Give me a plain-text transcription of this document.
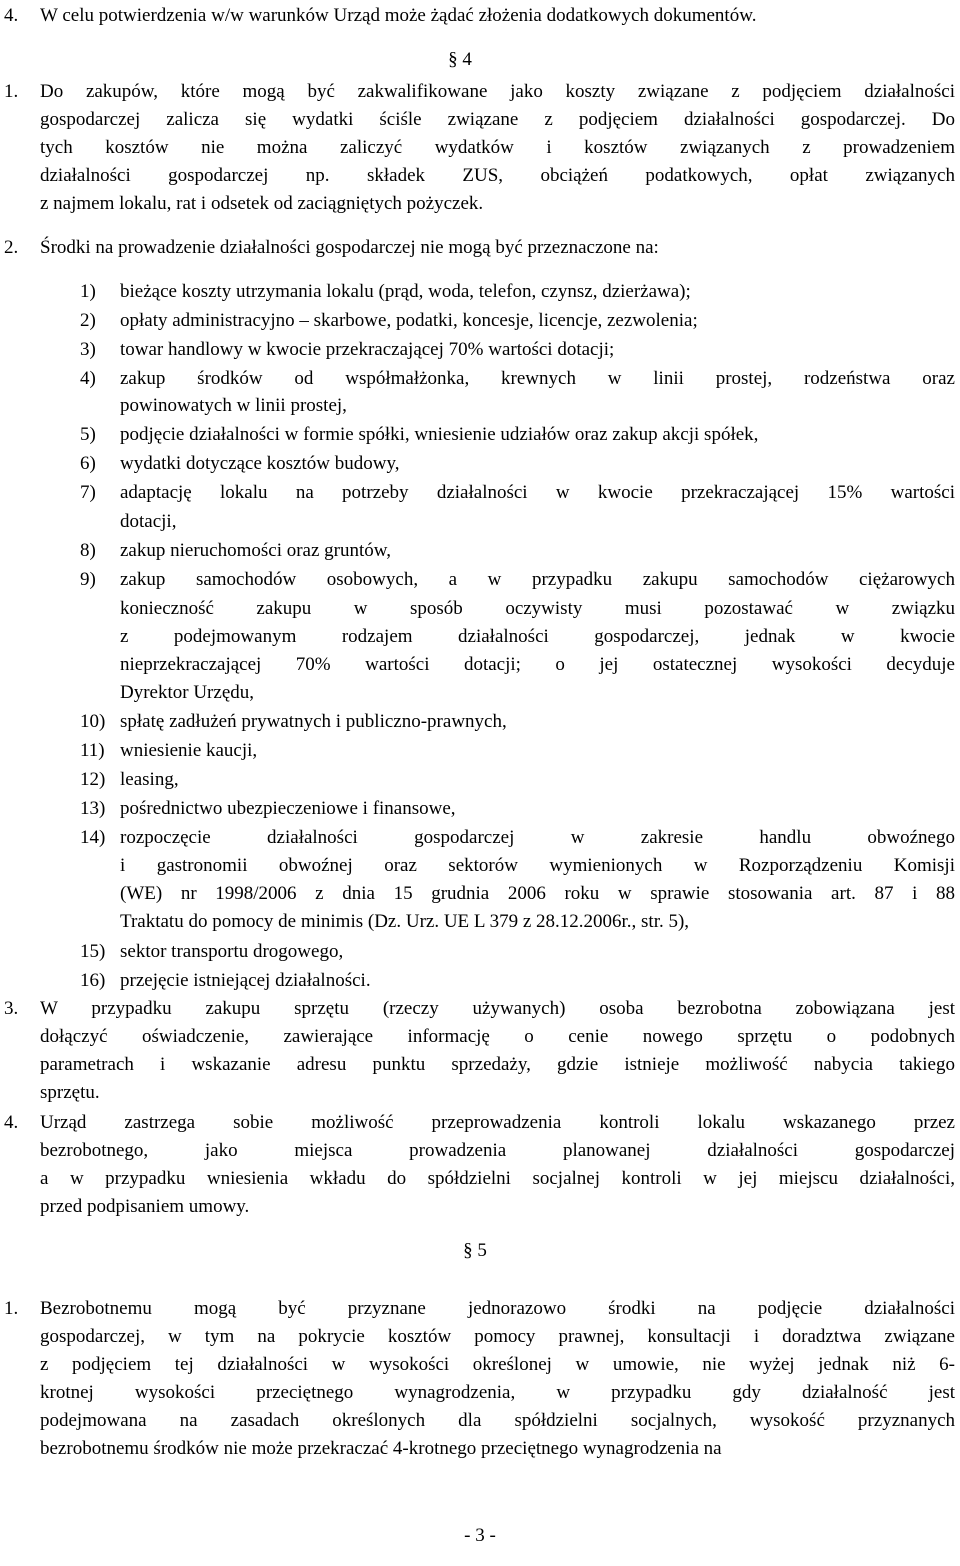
4. W celu potwierdzenia w/w warunków Urząd może żądać złożenia dodatkowych dokumentów.
§ 4
1. Do zakupów, które mogą być zakwalifikowane jako koszty związane z podjęciem działalności
gospodarczej zalicza się wydatki ściśle związane z podjęciem działalności gospodarczej. Do
tych kosztów nie można zaliczyć wydatków i kosztów związanych z prowadzeniem
działalności gospodarczej np. składek ZUS, obciążeń podatkowych, opłat związanych
z najmem lokalu, rat i odsetek od zaciągniętych pożyczek.
2. Środki na prowadzenie działalności gospodarczej nie mogą być przeznaczone na:
1) bieżące koszty utrzymania lokalu (prąd, woda, telefon, czynsz, dzierżawa);
2) opłaty administracyjno – skarbowe, podatki, koncesje, licencje, zezwolenia;
3) towar handlowy w kwocie przekraczającej 70% wartości dotacji;
4) zakup środków od współmałżonka, krewnych w linii prostej, rodzeństwa oraz
powinowatych w linii prostej,
5) podjęcie działalności w formie spółki, wniesienie udziałów oraz zakup akcji spółek,
6) wydatki dotyczące kosztów budowy,
7) adaptację lokalu na potrzeby działalności w kwocie przekraczającej 15% wartości
dotacji,
8) zakup nieruchomości oraz gruntów,
9) zakup samochodów osobowych, a w przypadku zakupu samochodów ciężarowych
konieczność zakupu w sposób oczywisty musi pozostawać w związku
z podejmowanym rodzajem działalności gospodarczej, jednak w kwocie
nieprzekraczającej 70% wartości dotacji; o jej ostatecznej wysokości decyduje
Dyrektor Urzędu,
10) spłatę zadłużeń prywatnych i publiczno-prawnych,
11) wniesienie kaucji,
12) leasing,
13) pośrednictwo ubezpieczeniowe i finansowe,
14) rozpoczęcie działalności gospodarczej w zakresie handlu obwoźnego
i gastronomii obwoźnej oraz sektorów wymienionych w Rozporządzeniu Komisji
(WE) nr 1998/2006 z dnia 15 grudnia 2006 roku w sprawie stosowania art. 87 i 88
Traktatu do pomocy de minimis (Dz. Urz. UE L 379 z 28.12.2006r., str. 5),
15) sektor transportu drogowego,
16) przejęcie istniejącej działalności.
3. W przypadku zakupu sprzętu (rzeczy używanych) osoba bezrobotna zobowiązana jest
dołączyć oświadczenie, zawierające informację o cenie nowego sprzętu o podobnych
parametrach i wskazanie adresu punktu sprzedaży, gdzie istnieje możliwość nabycia takiego
sprzętu.
4. Urząd zastrzega sobie możliwość przeprowadzenia kontroli lokalu wskazanego przez
bezrobotnego, jako miejsca prowadzenia planowanej działalności gospodarczej
a w przypadku wniesienia wkładu do spółdzielni socjalnej kontroli w jej miejscu działalności,
przed podpisaniem umowy.
§ 5
1. Bezrobotnemu mogą być przyznane jednorazowo środki na podjęcie działalności
gospodarczej, w tym na pokrycie kosztów pomocy prawnej, konsultacji i doradztwa związane
z podjęciem tej działalności w wysokości określonej w umowie, nie wyżej jednak niż 6-
krotnej wysokości przeciętnego wynagrodzenia, w przypadku gdy działalność jest
podejmowana na zasadach określonych dla spółdzielni socjalnych, wysokość przyznanych
bezrobotnemu środków nie może przekraczać 4-krotnego przeciętnego wynagrodzenia na
- 3 -
